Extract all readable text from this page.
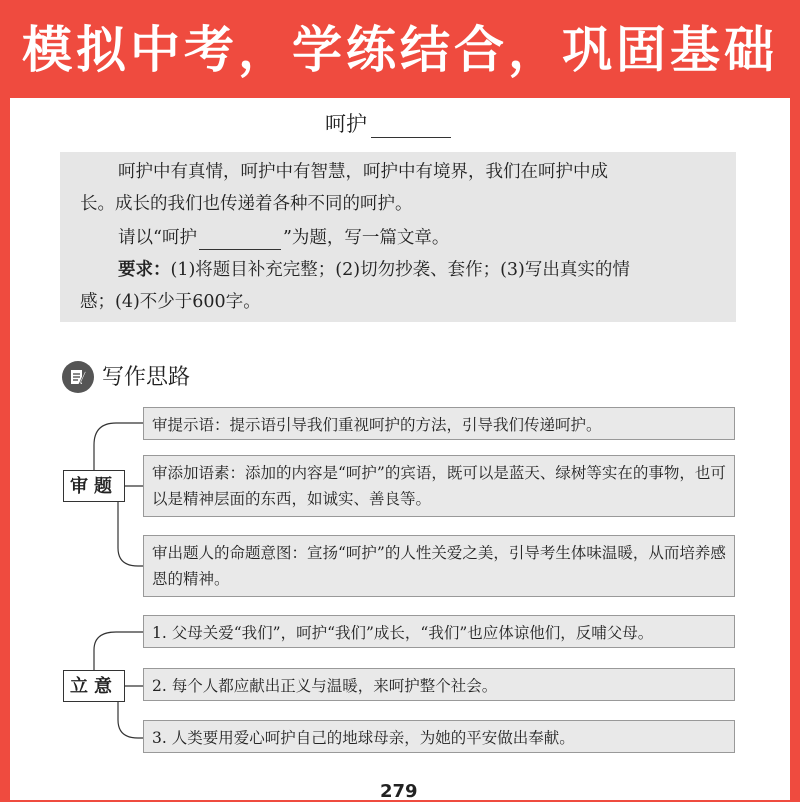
模拟中考，学练结合，巩固基础
呵护
呵护中有真情，呵护中有智慧，呵护中有境界，我们在呵护中成
长。成长的我们也传递着各种不同的呵护。
请以“呵护	”为题，写一篇文章。
要求：(1)将题目补充完整；(2)切勿抄袭、套作；(3)写出真实的情
感；(4)不少于600字。
写作思路
审题
立意
审提示语：提示语引导我们重视呵护的方法，引导我们传递呵护。
审添加语素：添加的内容是“呵护”的宾语，既可以是蓝天、绿树等实在的事物，也可以是精神层面的东西，如诚实、善良等。
审出题人的命题意图：宣扬“呵护”的人性关爱之美，引导考生体味温暖，从而培养感恩的精神。
1. 父母关爱“我们”，呵护“我们”成长，“我们”也应体谅他们，反哺父母。
2. 每个人都应献出正义与温暖，来呵护整个社会。
3. 人类要用爱心呵护自己的地球母亲，为她的平安做出奉献。
279
